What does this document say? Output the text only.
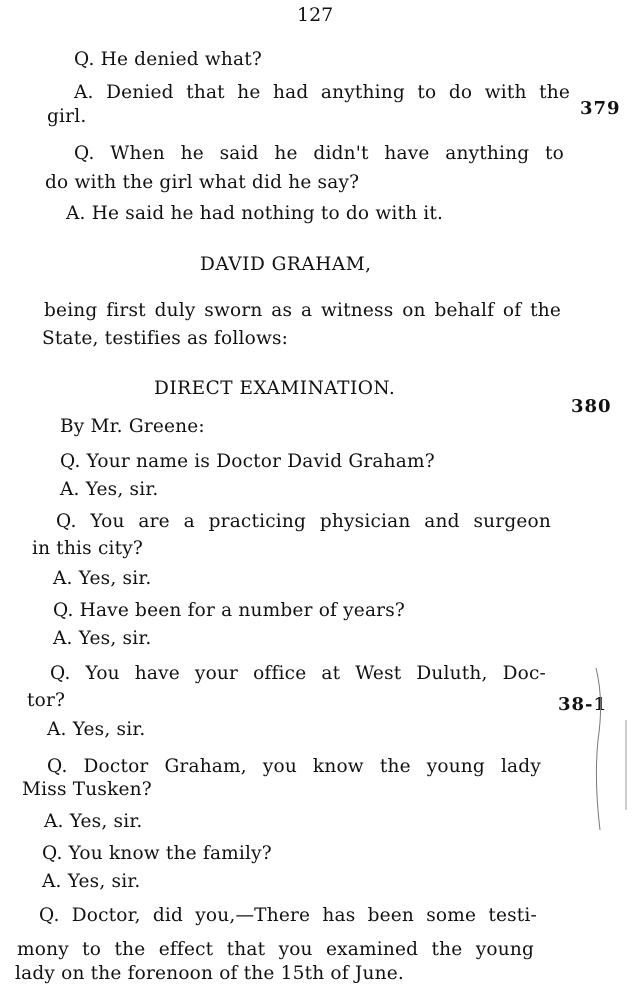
127
Q. He denied what?
A. Denied that he had anything to do with the
girl.	379
Q. When he said he didn't have anything to
do with the girl what did he say?
A. He said he had nothing to do with it.
DAVID GRAHAM,
being first duly sworn as a witness on behalf of the
State, testifies as follows:
DIRECT EXAMINATION.
380
By Mr. Greene:
Q. Your name is Doctor David Graham?
A. Yes, sir.
Q. You are a practicing physician and surgeon
in this city?
A. Yes, sir.
Q. Have been for a number of years?
A. Yes, sir.
Q. You have your office at West Duluth, Doc-
tor?	38-1
A. Yes, sir.
Q. Doctor Graham, you know the young lady
Miss Tusken?
A. Yes, sir.
Q. You know the family?
A. Yes, sir.
Q. Doctor, did you,—There has been some testi-
mony to the effect that you examined the young
lady on the forenoon of the 15th of June.
